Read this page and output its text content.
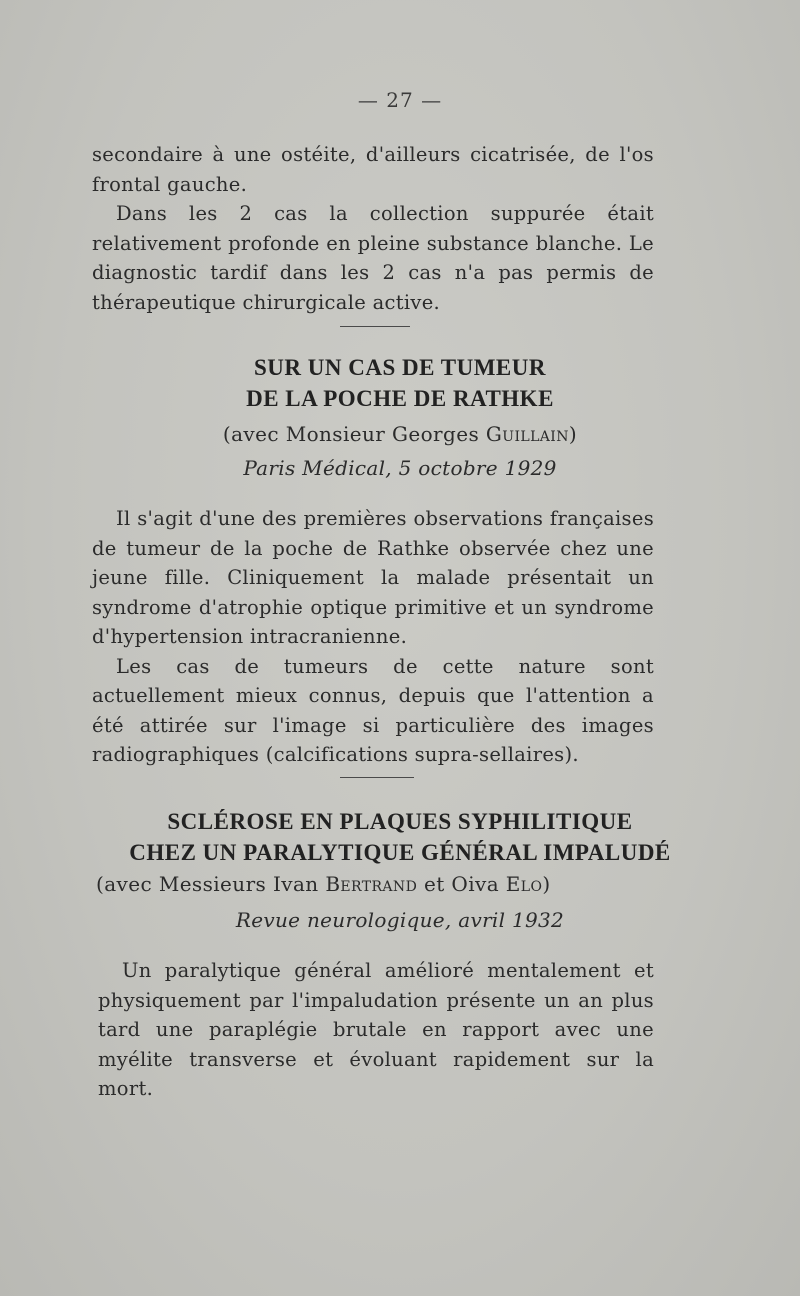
— 27 —

secondaire à une ostéite, d'ailleurs cicatrisée, de l'os frontal gauche.

Dans les 2 cas la collection suppurée était relativement profonde en pleine substance blanche. Le diagnostic tardif dans les 2 cas n'a pas permis de thérapeutique chirurgicale active.

SUR UN CAS DE TUMEUR
DE LA POCHE DE RATHKE
(avec Monsieur Georges Guillain)
Paris Médical, 5 octobre 1929

Il s'agit d'une des premières observations françaises de tumeur de la poche de Rathke observée chez une jeune fille. Cliniquement la malade présentait un syndrome d'atrophie optique primitive et un syndrome d'hypertension intracranienne.

Les cas de tumeurs de cette nature sont actuellement mieux connus, depuis que l'attention a été attirée sur l'image si particulière des images radiographiques (calcifications supra-sellaires).

SCLÉROSE EN PLAQUES SYPHILITIQUE
CHEZ UN PARALYTIQUE GÉNÉRAL IMPALUDÉ
(avec Messieurs Ivan Bertrand et Oiva Elo)
Revue neurologique, avril 1932

Un paralytique général amélioré mentalement et physiquement par l'impaludation présente un an plus tard une paraplégie brutale en rapport avec une myélite transverse et évoluant rapidement sur la mort.
